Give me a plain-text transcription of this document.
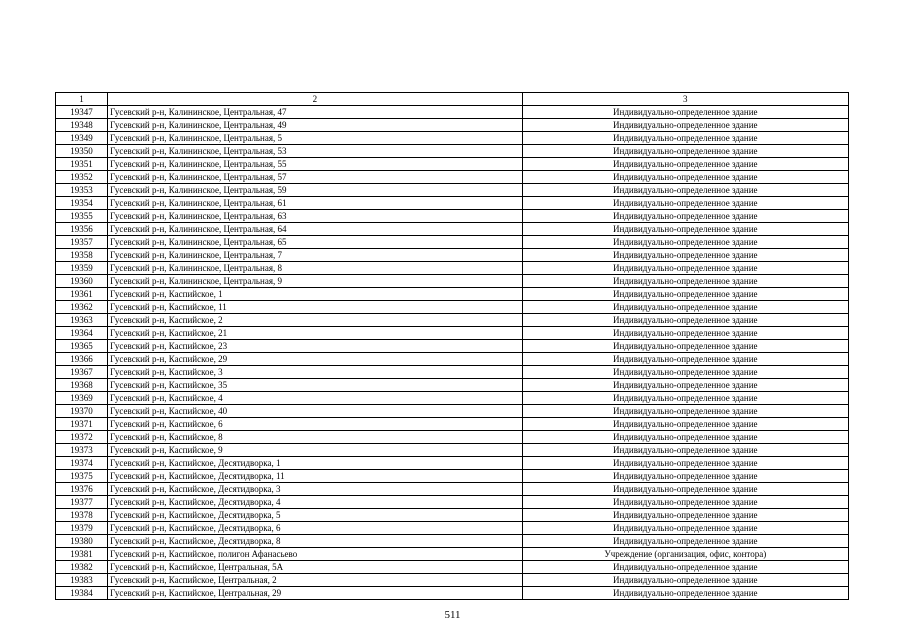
1	2	3
19347	Гусевский р-н, Калининское, Центральная, 47	Индивидуально-определенное здание
19348	Гусевский р-н, Калининское, Центральная, 49	Индивидуально-определенное здание
19349	Гусевский р-н, Калининское, Центральная, 5	Индивидуально-определенное здание
19350	Гусевский р-н, Калининское, Центральная, 53	Индивидуально-определенное здание
19351	Гусевский р-н, Калининское, Центральная, 55	Индивидуально-определенное здание
19352	Гусевский р-н, Калининское, Центральная, 57	Индивидуально-определенное здание
19353	Гусевский р-н, Калининское, Центральная, 59	Индивидуально-определенное здание
19354	Гусевский р-н, Калининское, Центральная, 61	Индивидуально-определенное здание
19355	Гусевский р-н, Калининское, Центральная, 63	Индивидуально-определенное здание
19356	Гусевский р-н, Калининское, Центральная, 64	Индивидуально-определенное здание
19357	Гусевский р-н, Калининское, Центральная, 65	Индивидуально-определенное здание
19358	Гусевский р-н, Калининское, Центральная, 7	Индивидуально-определенное здание
19359	Гусевский р-н, Калининское, Центральная, 8	Индивидуально-определенное здание
19360	Гусевский р-н, Калининское, Центральная, 9	Индивидуально-определенное здание
19361	Гусевский р-н, Каспийское, 1	Индивидуально-определенное здание
19362	Гусевский р-н, Каспийское, 11	Индивидуально-определенное здание
19363	Гусевский р-н, Каспийское, 2	Индивидуально-определенное здание
19364	Гусевский р-н, Каспийское, 21	Индивидуально-определенное здание
19365	Гусевский р-н, Каспийское, 23	Индивидуально-определенное здание
19366	Гусевский р-н, Каспийское, 29	Индивидуально-определенное здание
19367	Гусевский р-н, Каспийское, 3	Индивидуально-определенное здание
19368	Гусевский р-н, Каспийское, 35	Индивидуально-определенное здание
19369	Гусевский р-н, Каспийское, 4	Индивидуально-определенное здание
19370	Гусевский р-н, Каспийское, 40	Индивидуально-определенное здание
19371	Гусевский р-н, Каспийское, 6	Индивидуально-определенное здание
19372	Гусевский р-н, Каспийское, 8	Индивидуально-определенное здание
19373	Гусевский р-н, Каспийское, 9	Индивидуально-определенное здание
19374	Гусевский р-н, Каспийское, Десятидворка, 1	Индивидуально-определенное здание
19375	Гусевский р-н, Каспийское, Десятидворка, 11	Индивидуально-определенное здание
19376	Гусевский р-н, Каспийское, Десятидворка, 3	Индивидуально-определенное здание
19377	Гусевский р-н, Каспийское, Десятидворка, 4	Индивидуально-определенное здание
19378	Гусевский р-н, Каспийское, Десятидворка, 5	Индивидуально-определенное здание
19379	Гусевский р-н, Каспийское, Десятидворка, 6	Индивидуально-определенное здание
19380	Гусевский р-н, Каспийское, Десятидворка, 8	Индивидуально-определенное здание
19381	Гусевский р-н, Каспийское, полигон Афанасьево	Учреждение (организация, офис, контора)
19382	Гусевский р-н, Каспийское, Центральная, 5А	Индивидуально-определенное здание
19383	Гусевский р-н, Каспийское, Центральная, 2	Индивидуально-определенное здание
19384	Гусевский р-н, Каспийское, Центральная, 29	Индивидуально-определенное здание
511
